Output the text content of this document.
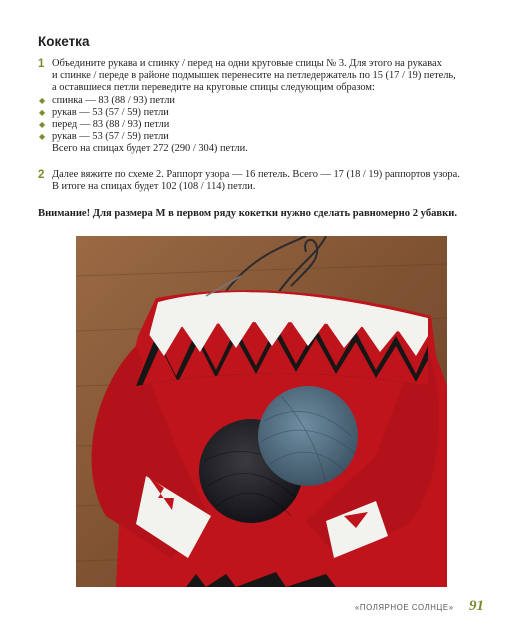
Кокетка
1 Объедините рукава и спинку / перед на одни круговые спицы № 3. Для этого на рукавах
и спинке / переде в районе подмышек перенесите на петледержатель по 15 (17 / 19) петель,
а оставшиеся петли переведите на круговые спицы следующим образом:
◆ спинка — 83 (88 / 93) петли
◆ рукав — 53 (57 / 59) петли
◆ перед — 83 (88 / 93) петли
◆ рукав — 53 (57 / 59) петли
Всего на спицах будет 272 (290 / 304) петли.
2 Далее вяжите по схеме 2. Раппорт узора — 16 петель. Всего — 17 (18 / 19) раппортов узора.
В итоге на спицах будет 102 (108 / 114) петли.
Внимание! Для размера М в первом ряду кокетки нужно сделать равномерно 2 убавки.
«ПОЛЯРНОЕ СОЛНЦЕ» 91
